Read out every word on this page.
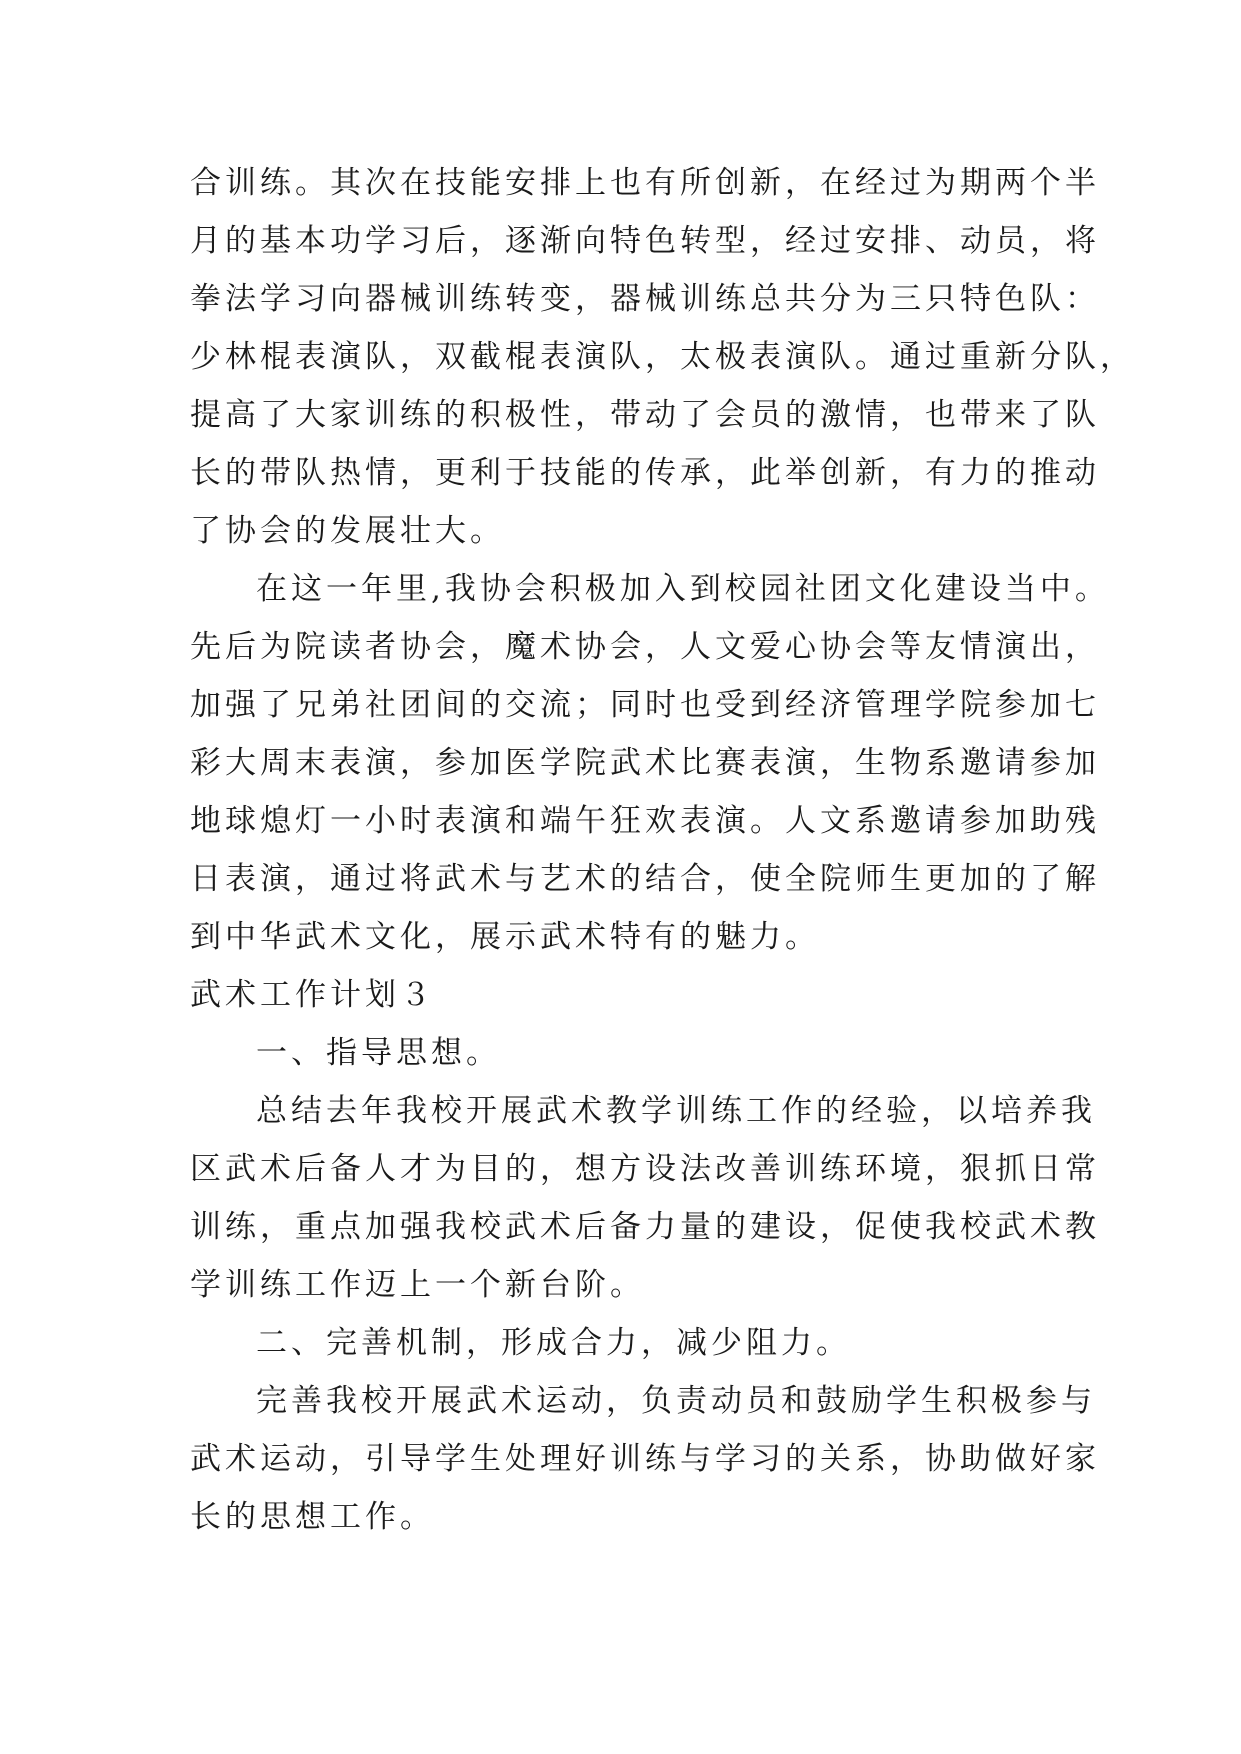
合训练。其次在技能安排上也有所创新，在经过为期两个半
月的基本功学习后，逐渐向特色转型，经过安排、动员，将
拳法学习向器械训练转变，器械训练总共分为三只特色队：
少林棍表演队，双截棍表演队，太极表演队。通过重新分队，
提高了大家训练的积极性，带动了会员的激情，也带来了队
长的带队热情，更利于技能的传承，此举创新，有力的推动
了协会的发展壮大。
在这一年里,我协会积极加入到校园社团文化建设当中。
先后为院读者协会，魔术协会，人文爱心协会等友情演出，
加强了兄弟社团间的交流；同时也受到经济管理学院参加七
彩大周末表演，参加医学院武术比赛表演，生物系邀请参加
地球熄灯一小时表演和端午狂欢表演。人文系邀请参加助残
日表演，通过将武术与艺术的结合，使全院师生更加的了解
到中华武术文化，展示武术特有的魅力。
武术工作计划３
一、指导思想。
总结去年我校开展武术教学训练工作的经验，以培养我
区武术后备人才为目的，想方设法改善训练环境，狠抓日常
训练，重点加强我校武术后备力量的建设，促使我校武术教
学训练工作迈上一个新台阶。
二、完善机制，形成合力，减少阻力。
完善我校开展武术运动，负责动员和鼓励学生积极参与
武术运动，引导学生处理好训练与学习的关系，协助做好家
长的思想工作。
